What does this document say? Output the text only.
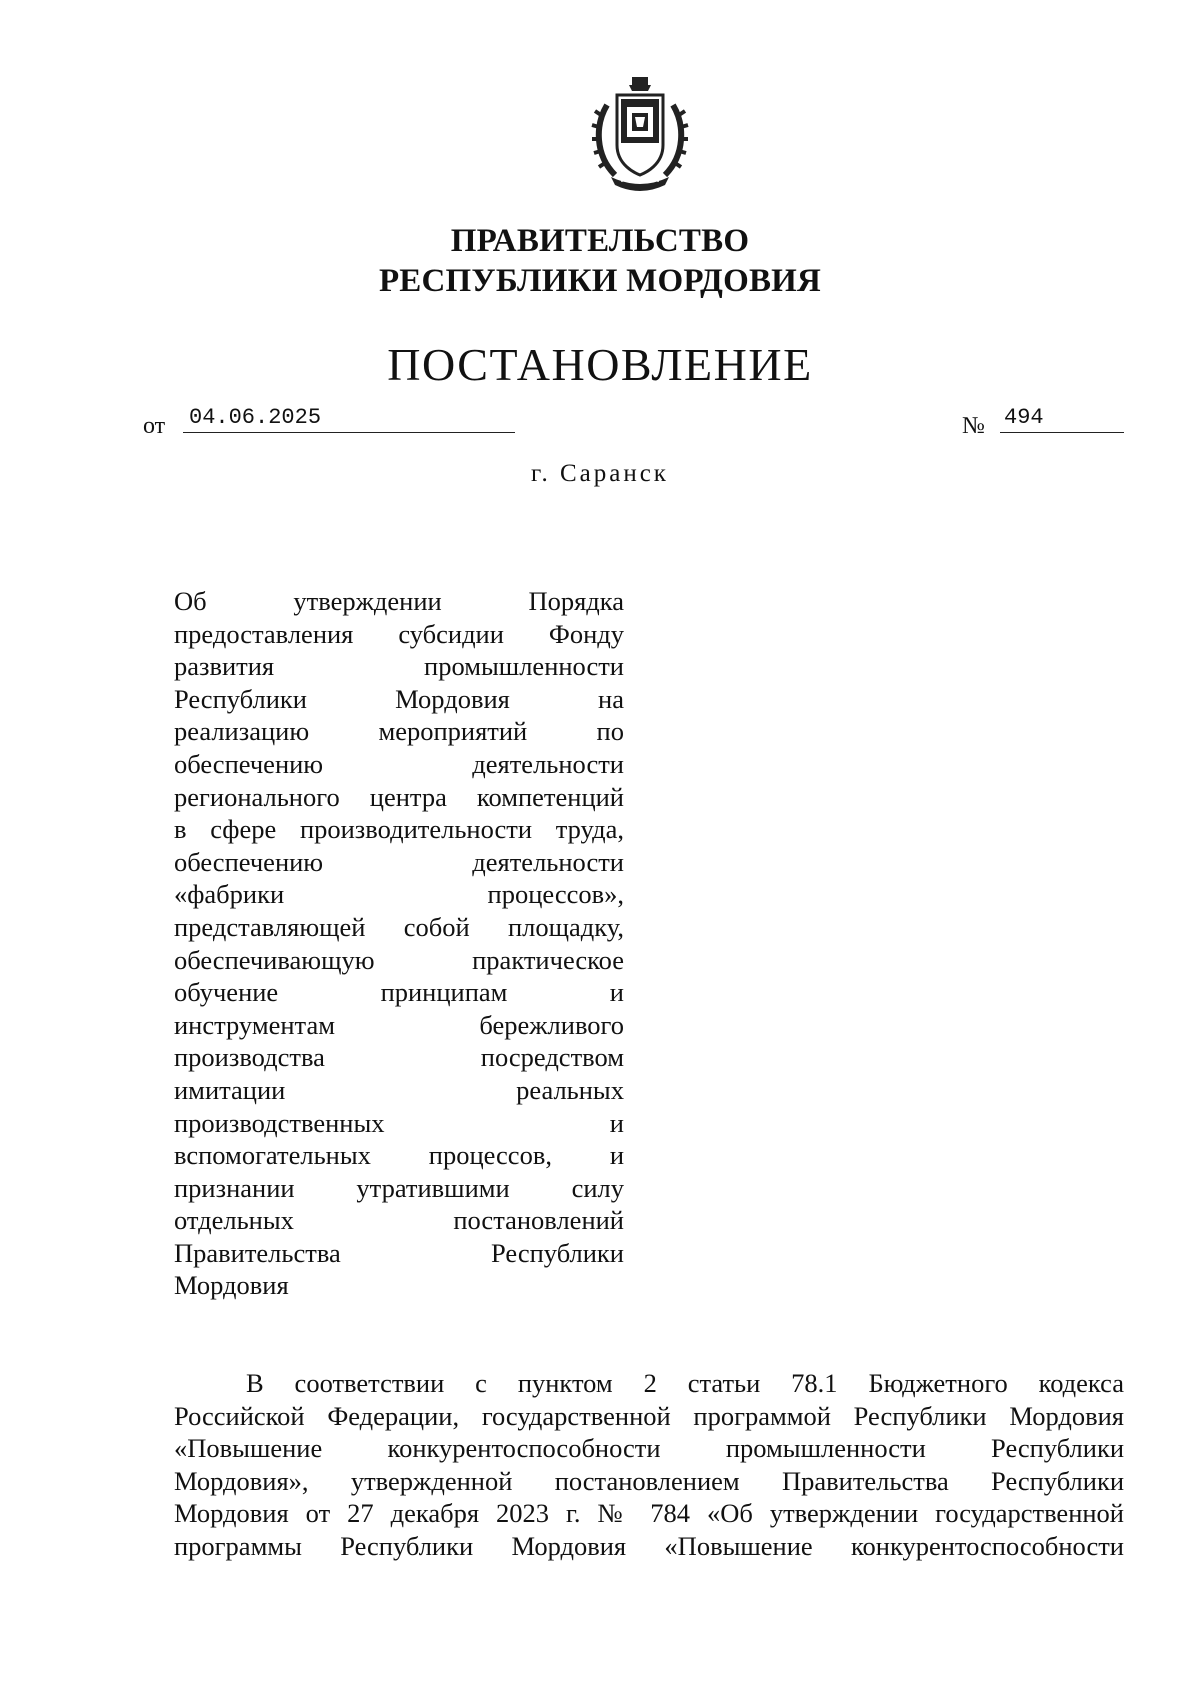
ПРАВИТЕЛЬСТВО
РЕСПУБЛИКИ МОРДОВИЯ
ПОСТАНОВЛЕНИЕ
от 04.06.2025	№ 494
г. Саранск
Об утверждении Порядка
предоставления субсидии Фонду
развития промышленности
Республики Мордовия на
реализацию мероприятий по
обеспечению деятельности
регионального центра компетенций
в сфере производительности труда,
обеспечению деятельности
«фабрики процессов»,
представляющей собой площадку,
обеспечивающую практическое
обучение принципам и
инструментам бережливого
производства посредством
имитации реальных
производственных и
вспомогательных процессов, и
признании утратившими силу
отдельных постановлений
Правительства Республики
Мордовия
В соответствии с пунктом 2 статьи 78.1 Бюджетного кодекса
Российской Федерации, государственной программой Республики Мордовия
«Повышение конкурентоспособности промышленности Республики
Мордовия», утвержденной постановлением Правительства Республики
Мордовия от 27 декабря 2023 г. № 784 «Об утверждении государственной
программы Республики Мордовия «Повышение конкурентоспособности
